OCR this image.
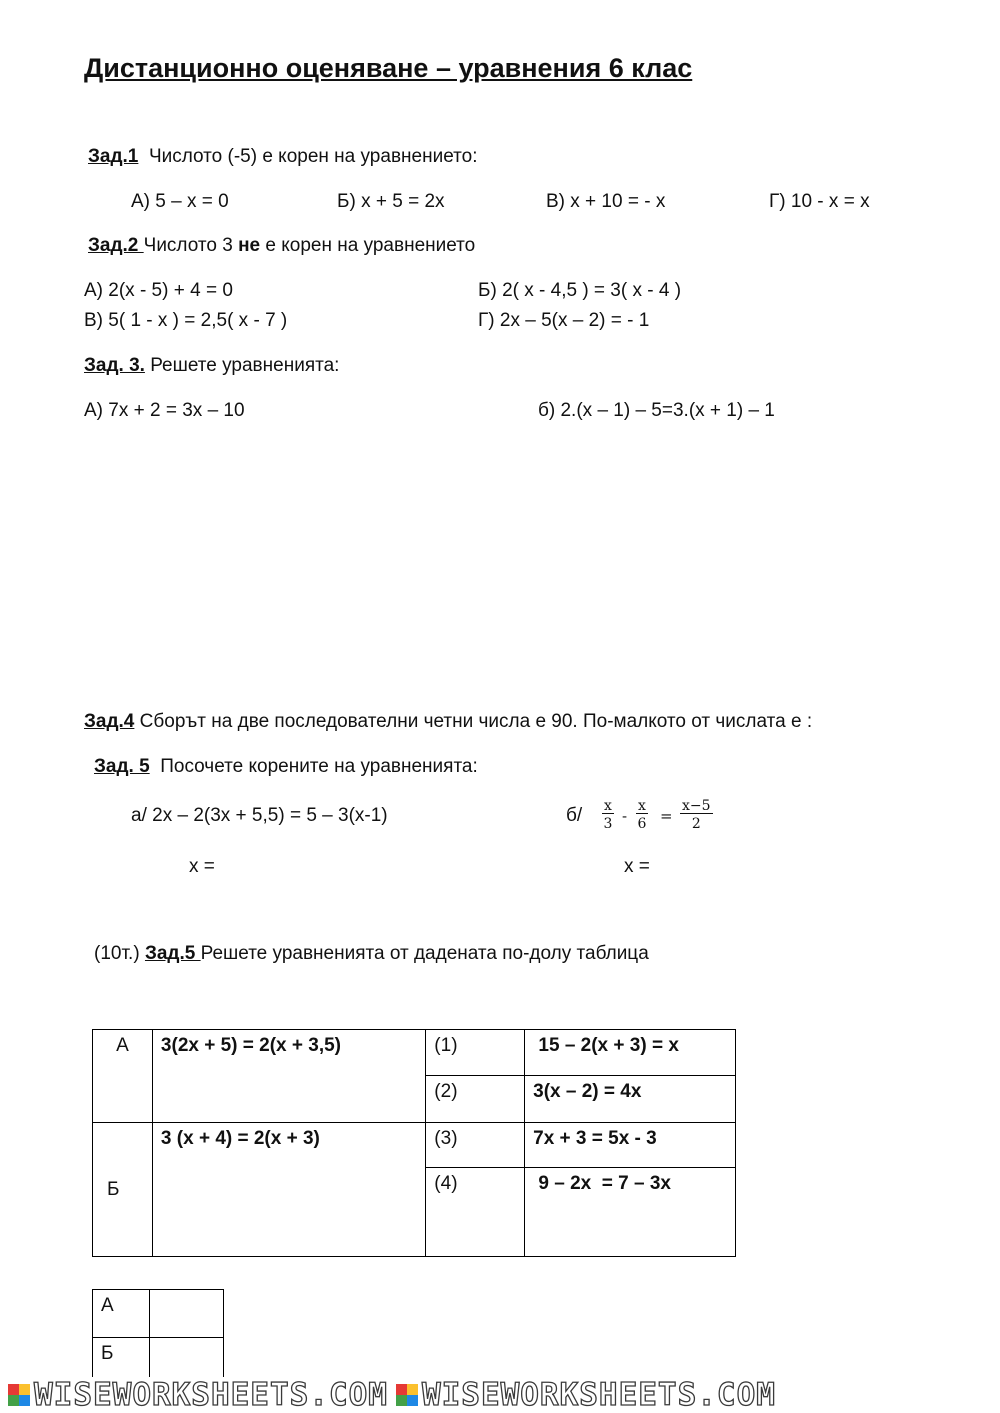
Дистанционно оценяване – уравнения 6 клас
Зад.1 Числото (-5) е корен на уравнението:
А) 5 – х = 0	Б) х + 5 = 2х	В) х + 10 = - х	Г) 10 - х = х
Зад.2 Числото 3 не е корен на уравнението
А) 2(х - 5) + 4 = 0	Б) 2( х - 4,5 ) = 3( х - 4 )
В) 5( 1 - х ) = 2,5( х - 7 )	Г) 2х – 5(х – 2) = - 1
Зад. 3. Решете уравненията:
А) 7х + 2 = 3х – 10	б) 2.(х – 1) – 5=3.(х + 1) – 1
Зад.4 Сборът на две последователни четни числа е 90. По-малкото от числата е :
Зад. 5 Посочете корените на уравненията:
а/ 2х – 2(3х + 5,5) = 5 – 3(х-1)	$б/ \frac{x}{3} - \frac{x}{6} = \frac{x-5}{2}$
х =	х =
(10т.) Зад.5 Решете уравненията от дадената по-долу таблица
А	3(2х + 5) = 2(х + 3,5)	(1)	15 – 2(х + 3) = х

		(2)	3(х – 2) = 4х

Б	3 (х + 4) = 2(х + 3)	(3)	7х + 3 = 5х - 3

		(4)	9 – 2х  = 7 – 3х
А	

Б	

WISEWORKSHEETS.COM WISEWORKSHEETS.COM
